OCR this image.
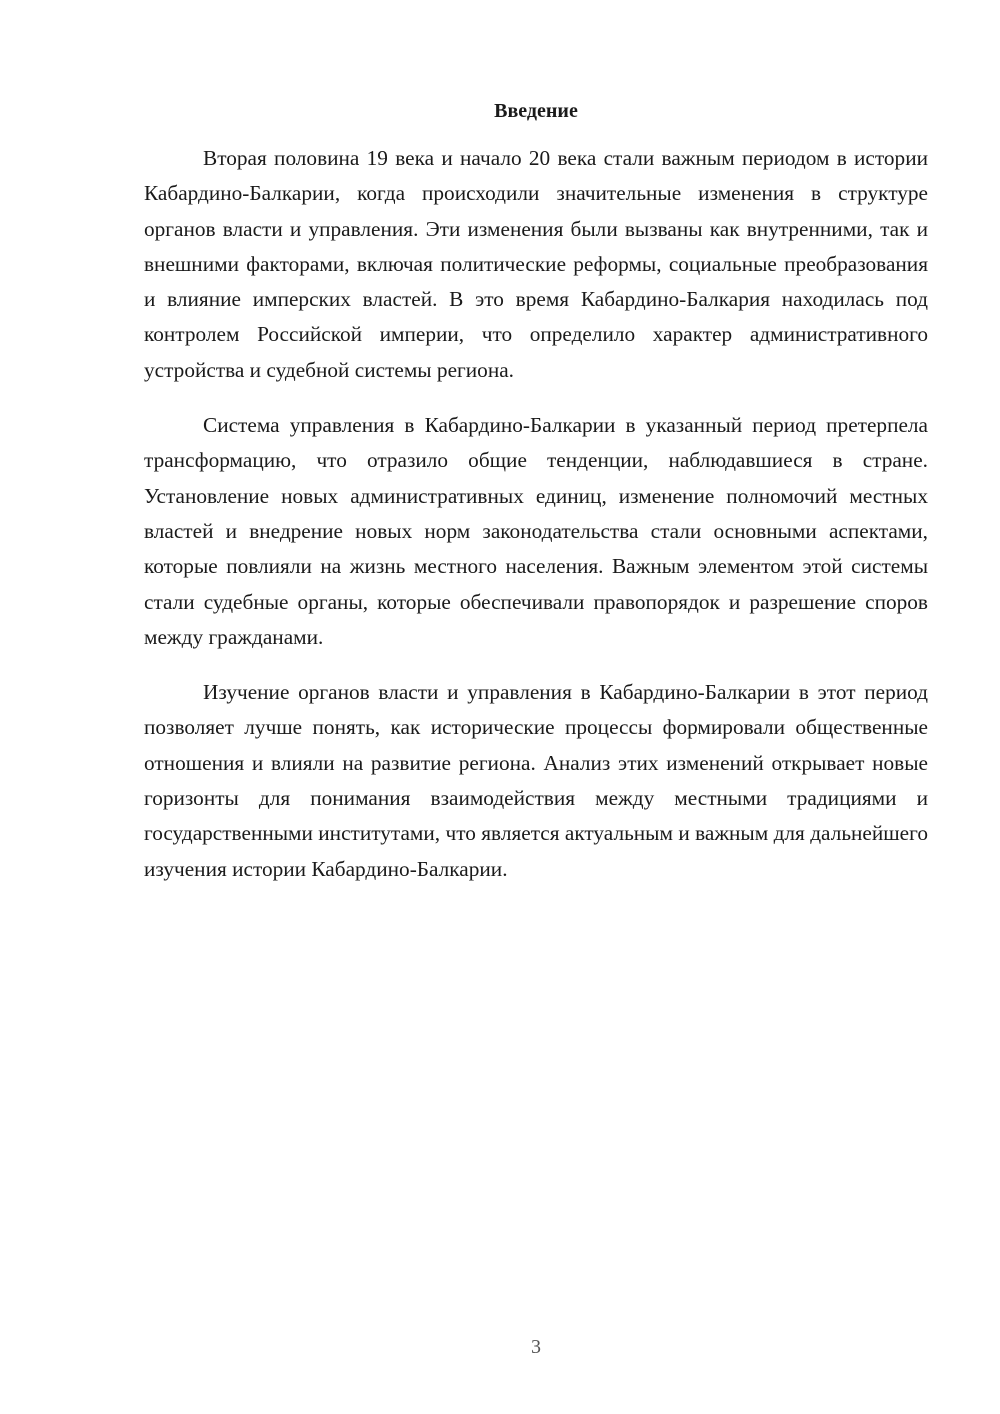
Введение

Вторая половина 19 века и начало 20 века стали важным периодом в истории Кабардино-Балкарии, когда происходили значительные изменения в структуре органов власти и управления. Эти изменения были вызваны как внутренними, так и внешними факторами, включая политические реформы, социальные преобразования и влияние имперских властей. В это время Кабардино-Балкария находилась под контролем Российской империи, что определило характер административного устройства и судебной системы региона.

Система управления в Кабардино-Балкарии в указанный период претерпела трансформацию, что отразило общие тенденции, наблюдавшиеся в стране. Установление новых административных единиц, изменение полномочий местных властей и внедрение новых норм законодательства стали основными аспектами, которые повлияли на жизнь местного населения. Важным элементом этой системы стали судебные органы, которые обеспечивали правопорядок и разрешение споров между гражданами.

Изучение органов власти и управления в Кабардино-Балкарии в этот период позволяет лучше понять, как исторические процессы формировали общественные отношения и влияли на развитие региона. Анализ этих изменений открывает новые горизонты для понимания взаимодействия между местными традициями и государственными институтами, что является актуальным и важным для дальнейшего изучения истории Кабардино-Балкарии.

3
